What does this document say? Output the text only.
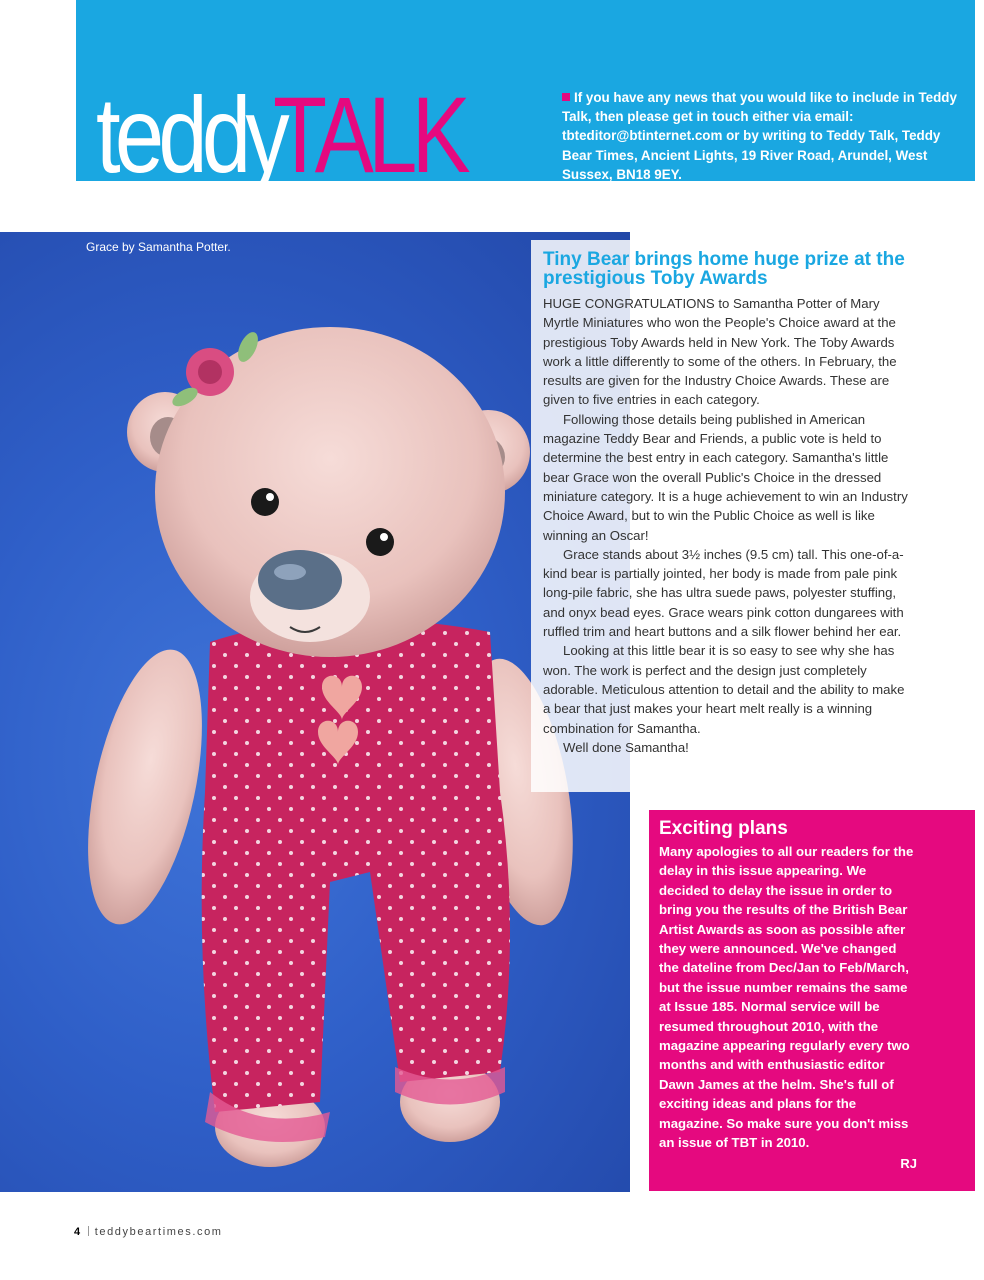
teddyTALK	If you have any news that you would like to include in Teddy Talk, then please get in touch either via email: tbteditor@btinternet.com or by writing to Teddy Talk, Teddy Bear Times, Ancient Lights, 19 River Road, Arundel, West Sussex, BN18 9EY.
Grace by Samantha Potter.
Tiny Bear brings home huge prize at the prestigious Toby Awards

HUGE CONGRATULATIONS to Samantha Potter of Mary Myrtle Miniatures who won the People's Choice award at the prestigious Toby Awards held in New York. The Toby Awards work a little differently to some of the others. In February, the results are given for the Industry Choice Awards. These are given to five entries in each category.

Following those details being published in American magazine Teddy Bear and Friends, a public vote is held to determine the best entry in each category. Samantha's little bear Grace won the overall Public's Choice in the dressed miniature category. It is a huge achievement to win an Industry Choice Award, but to win the Public Choice as well is like winning an Oscar!

Grace stands about 3½ inches (9.5 cm) tall. This one-of-a-kind bear is partially jointed, her body is made from pale pink long-pile fabric, she has ultra suede paws, polyester stuffing, and onyx bead eyes. Grace wears pink cotton dungarees with ruffled trim and heart buttons and a silk flower behind her ear.

Looking at this little bear it is so easy to see why she has won. The work is perfect and the design just completely adorable. Meticulous attention to detail and the ability to make a bear that just makes your heart melt really is a winning combination for Samantha.

Well done Samantha!

Exciting plans

Many apologies to all our readers for the delay in this issue appearing. We decided to delay the issue in order to bring you the results of the British Bear Artist Awards as soon as possible after they were announced. We've changed the dateline from Dec/Jan to Feb/March, but the issue number remains the same at Issue 185. Normal service will be resumed throughout 2010, with the magazine appearing regularly every two months and with enthusiastic editor Dawn James at the helm. She's full of exciting ideas and plans for the magazine. So make sure you don't miss an issue of TBT in 2010.

RJ
4 teddybeartimes.com
